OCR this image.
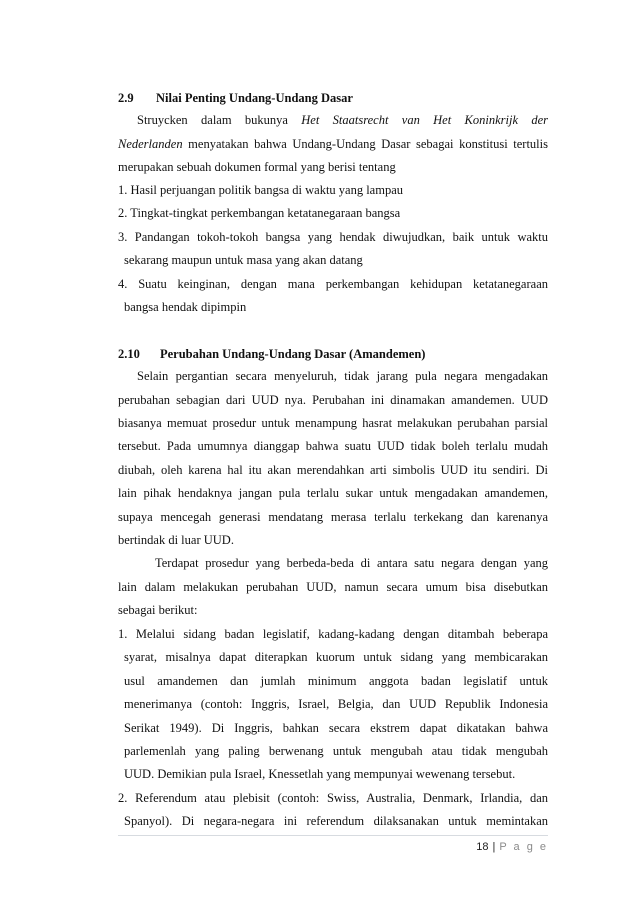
2.9 Nilai Penting Undang-Undang Dasar
Struycken dalam bukunya Het Staatsrecht van Het Koninkrijk der
Nederlanden menyatakan bahwa Undang-Undang Dasar sebagai konstitusi tertulis
merupakan sebuah dokumen formal yang berisi tentang
1. Hasil perjuangan politik bangsa di waktu yang lampau
2. Tingkat-tingkat perkembangan ketatanegaraan bangsa
3. Pandangan tokoh-tokoh bangsa yang hendak diwujudkan, baik untuk waktu
sekarang maupun untuk masa yang akan datang
4. Suatu keinginan, dengan mana perkembangan kehidupan ketatanegaraan
bangsa hendak dipimpin
2.10 Perubahan Undang-Undang Dasar (Amandemen)
Selain pergantian secara menyeluruh, tidak jarang pula negara mengadakan
perubahan sebagian dari UUD nya. Perubahan ini dinamakan amandemen. UUD
biasanya memuat prosedur untuk menampung hasrat melakukan perubahan parsial
tersebut. Pada umumnya dianggap bahwa suatu UUD tidak boleh terlalu mudah
diubah, oleh karena hal itu akan merendahkan arti simbolis UUD itu sendiri. Di
lain pihak hendaknya jangan pula terlalu sukar untuk mengadakan amandemen,
supaya mencegah generasi mendatang merasa terlalu terkekang dan karenanya
bertindak di luar UUD.
Terdapat prosedur yang berbeda-beda di antara satu negara dengan yang
lain dalam melakukan perubahan UUD, namun secara umum bisa disebutkan
sebagai berikut:
1. Melalui sidang badan legislatif, kadang-kadang dengan ditambah beberapa
syarat, misalnya dapat diterapkan kuorum untuk sidang yang membicarakan
usul amandemen dan jumlah minimum anggota badan legislatif untuk
menerimanya (contoh: Inggris, Israel, Belgia, dan UUD Republik Indonesia
Serikat 1949). Di Inggris, bahkan secara ekstrem dapat dikatakan bahwa
parlemenlah yang paling berwenang untuk mengubah atau tidak mengubah
UUD. Demikian pula Israel, Knessetlah yang mempunyai wewenang tersebut.
2. Referendum atau plebisit (contoh: Swiss, Australia, Denmark, Irlandia, dan
Spanyol). Di negara-negara ini referendum dilaksanakan untuk memintakan
18 | P a g e
